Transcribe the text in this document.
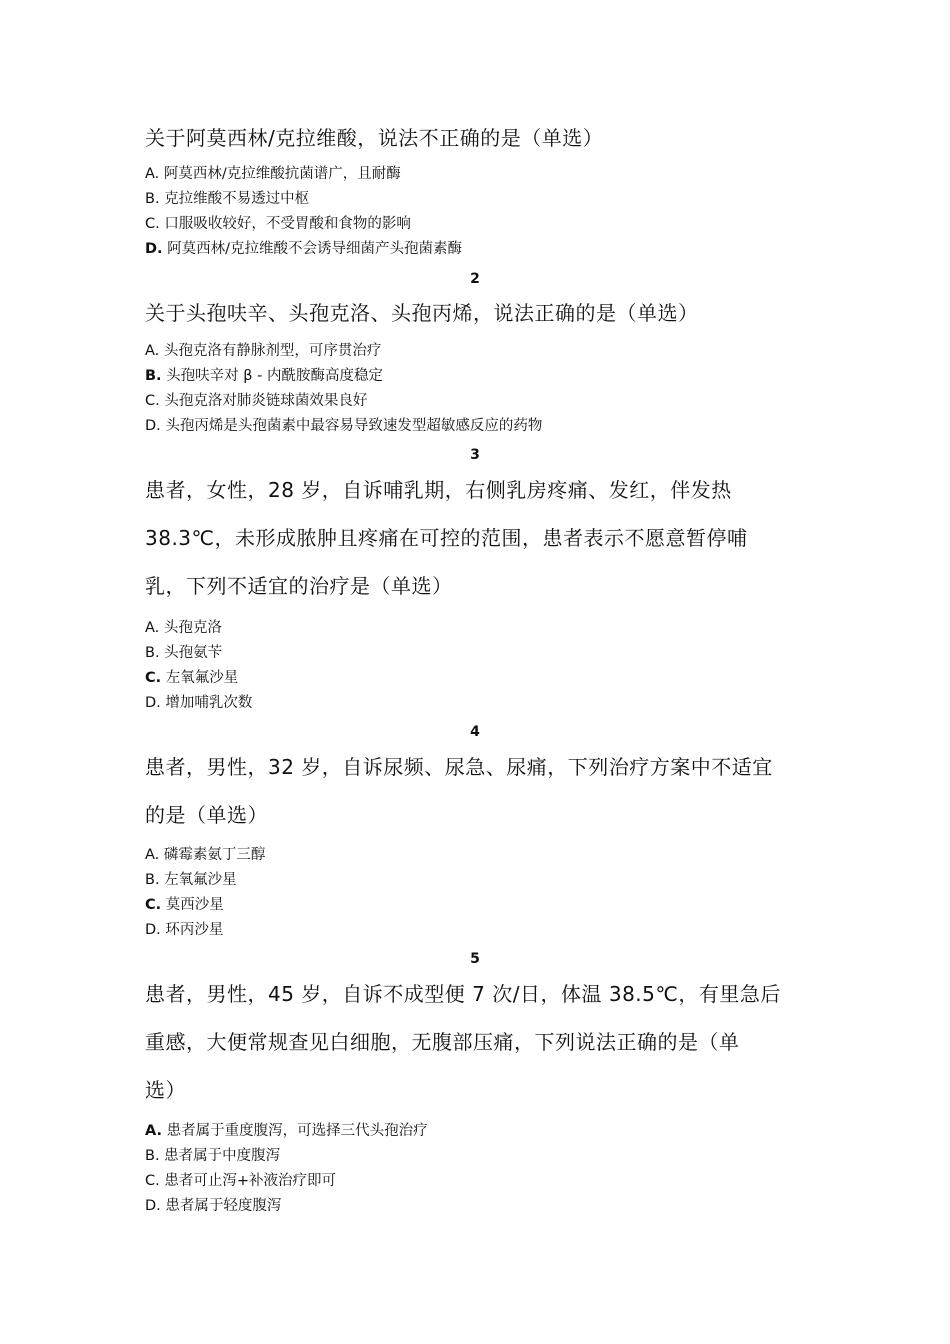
关于阿莫西林/克拉维酸，说法不正确的是（单选）

A. 阿莫西林/克拉维酸抗菌谱广，且耐酶

B. 克拉维酸不易透过中枢

C. 口服吸收较好，不受胃酸和食物的影响

D. 阿莫西林/克拉维酸不会诱导细菌产头孢菌素酶

2

关于头孢呋辛、头孢克洛、头孢丙烯，说法正确的是（单选）

A. 头孢克洛有静脉剂型，可序贯治疗

B. 头孢呋辛对 β - 内酰胺酶高度稳定

C. 头孢克洛对肺炎链球菌效果良好

D. 头孢丙烯是头孢菌素中最容易导致速发型超敏感反应的药物

3

患者，女性，28 岁，自诉哺乳期，右侧乳房疼痛、发红，伴发热

38.3℃，未形成脓肿且疼痛在可控的范围，患者表示不愿意暂停哺

乳，下列不适宜的治疗是（单选）

A. 头孢克洛

B. 头孢氨苄

C. 左氧氟沙星

D. 增加哺乳次数

4

患者，男性，32 岁，自诉尿频、尿急、尿痛，下列治疗方案中不适宜

的是（单选）

A. 磷霉素氨丁三醇

B. 左氧氟沙星

C. 莫西沙星

D. 环丙沙星

5

患者，男性，45 岁，自诉不成型便 7 次/日，体温 38.5℃，有里急后

重感，大便常规查见白细胞，无腹部压痛，下列说法正确的是（单

选）

A. 患者属于重度腹泻，可选择三代头孢治疗

B. 患者属于中度腹泻

C. 患者可止泻+补液治疗即可

D. 患者属于轻度腹泻
